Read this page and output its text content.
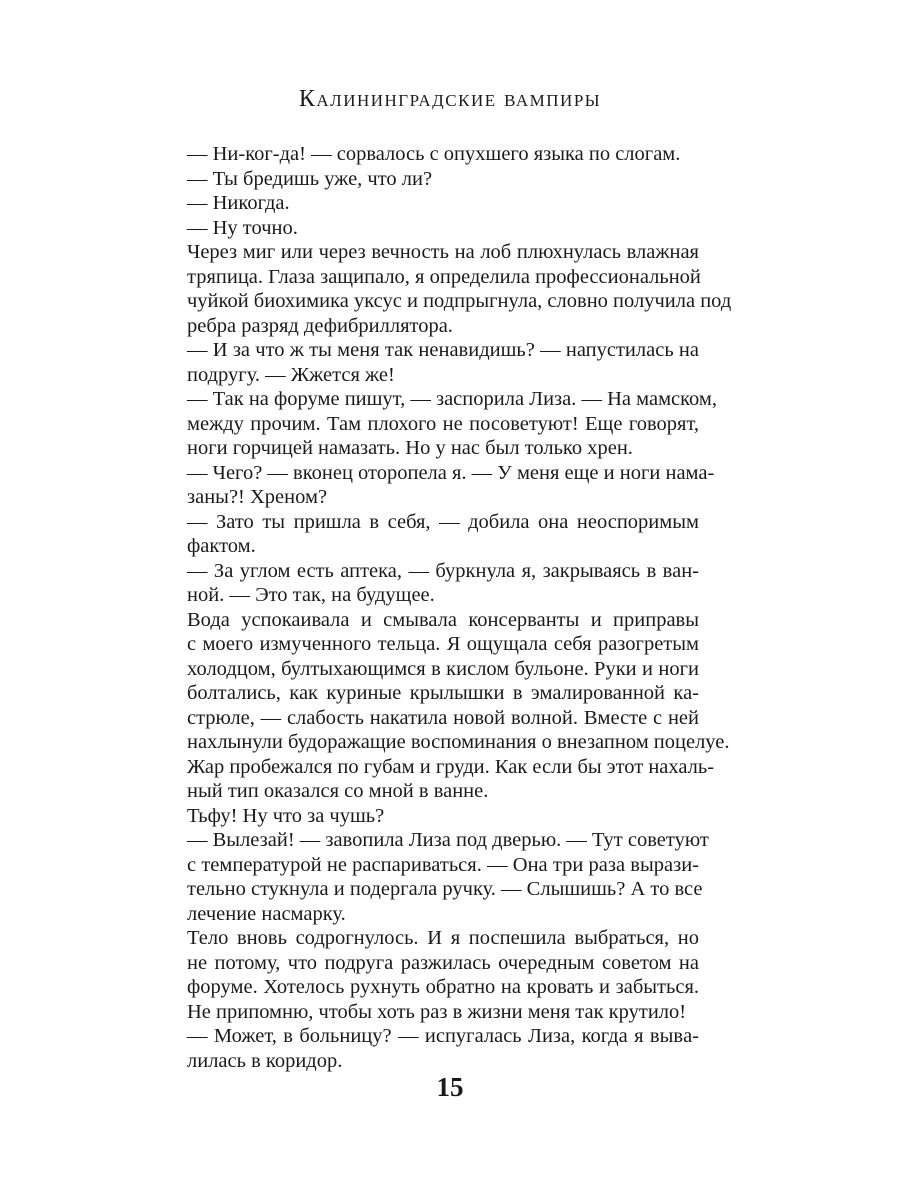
Калининградские вампиры
— Ни-ког-да! — сорвалось с опухшего языка по слогам.
— Ты бредишь уже, что ли?
— Никогда.
— Ну точно.
Через миг или через вечность на лоб плюхнулась влажная
тряпица. Глаза защипало, я определила профессиональной
чуйкой биохимика уксус и подпрыгнула, словно получила под
ребра разряд дефибриллятора.
— И за что ж ты меня так ненавидишь? — напустилась на
подругу. — Жжется же!
— Так на форуме пишут, — заспорила Лиза. — На мамском,
между прочим. Там плохого не посоветуют! Еще говорят,
ноги горчицей намазать. Но у нас был только хрен.
— Чего? — вконец оторопела я. — У меня еще и ноги нама-
заны?! Хреном?
— Зато ты пришла в себя, — добила она неоспоримым
фактом.
— За углом есть аптека, — буркнула я, закрываясь в ван-
ной. — Это так, на будущее.
Вода успокаивала и смывала консерванты и приправы
с моего измученного тельца. Я ощущала себя разогретым
холодцом, бултыхающимся в кислом бульоне. Руки и ноги
болтались, как куриные крылышки в эмалированной ка-
стрюле, — слабость накатила новой волной. Вместе с ней
нахлынули будоражащие воспоминания о внезапном поцелуе.
Жар пробежался по губам и груди. Как если бы этот нахаль-
ный тип оказался со мной в ванне.
Тьфу! Ну что за чушь?
— Вылезай! — завопила Лиза под дверью. — Тут советуют
с температурой не распариваться. — Она три раза вырази-
тельно стукнула и подергала ручку. — Слышишь? А то все
лечение насмарку.
Тело вновь содрогнулось. И я поспешила выбраться, но
не потому, что подруга разжилась очередным советом на
форуме. Хотелось рухнуть обратно на кровать и забыться.
Не припомню, чтобы хоть раз в жизни меня так крутило!
— Может, в больницу? — испугалась Лиза, когда я вывa-
лилась в коридор.
15
